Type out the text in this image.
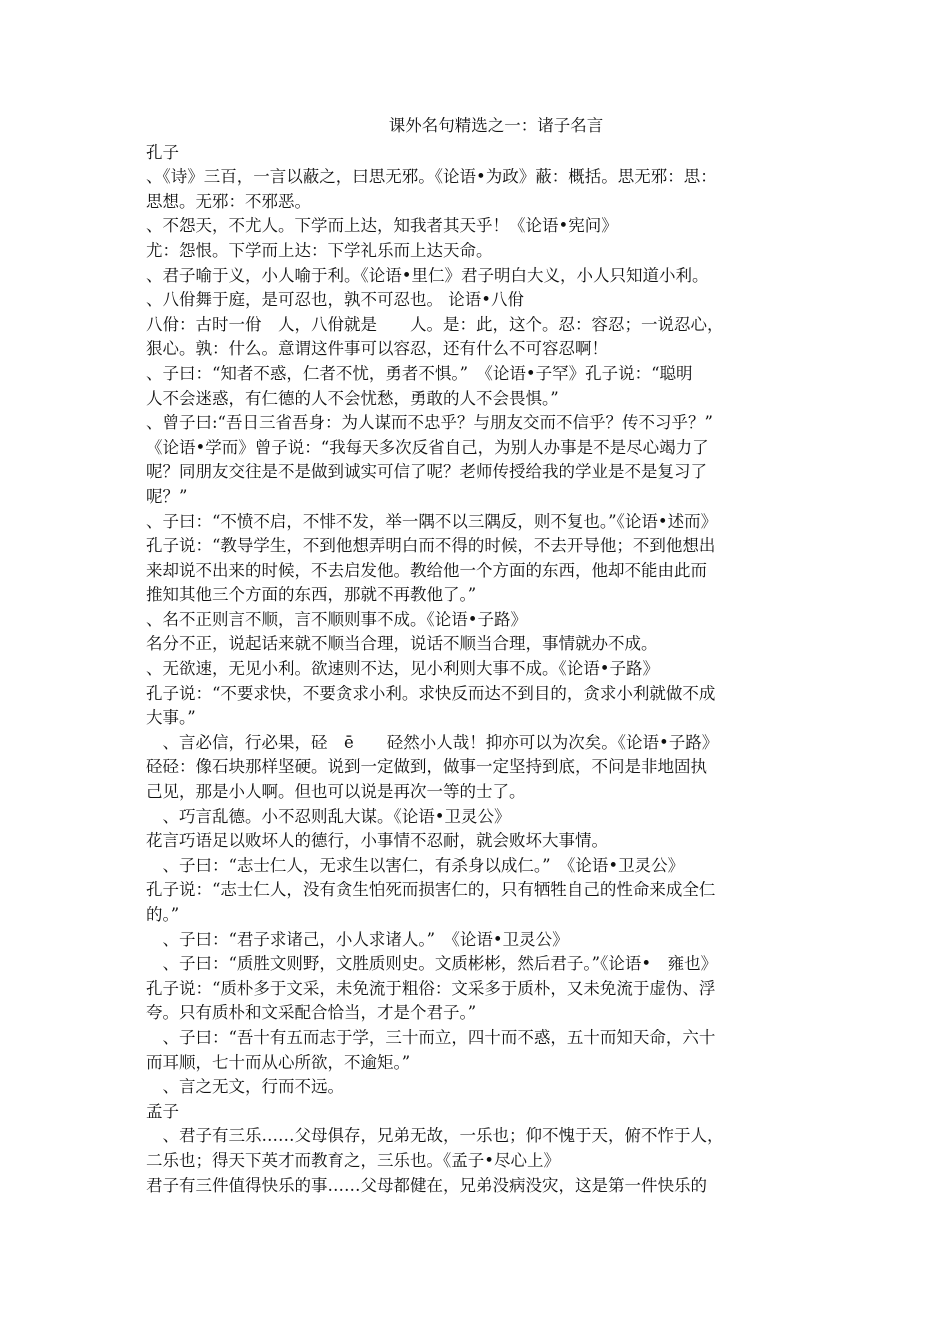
课外名句精选之一：诸子名言
孔子
、《诗》三百，一言以蔽之，曰思无邪。《论语•为政》蔽：概括。思无邪：思：
思想。无邪：不邪恶。
、不怨天，不尤人。下学而上达，知我者其天乎！《论语•宪问》
尤：怨恨。下学而上达：下学礼乐而上达天命。
、君子喻于义，小人喻于利。《论语•里仁》君子明白大义，小人只知道小利。
、八佾舞于庭，是可忍也，孰不可忍也。 论语•八佾
八佾：古时一佾　人，八佾就是　　人。是：此，这个。忍：容忍；一说忍心，
狠心。孰：什么。意谓这件事可以容忍，还有什么不可容忍啊！
、子曰：“知者不惑，仁者不忧，勇者不惧。”　《论语•子罕》孔子说：“聪明
人不会迷惑，有仁德的人不会忧愁，勇敢的人不会畏惧。”
、曾子曰:“吾日三省吾身：为人谋而不忠乎？与朋友交而不信乎？传不习乎？”
《论语•学而》曾子说：“我每天多次反省自己，为别人办事是不是尽心竭力了
呢？同朋友交往是不是做到诚实可信了呢？老师传授给我的学业是不是复习了
呢？”
、子曰：“不愤不启，不悱不发，举一隅不以三隅反，则不复也。”《论语•述而》
孔子说：“教导学生，不到他想弄明白而不得的时候，不去开导他；不到他想出
来却说不出来的时候，不去启发他。教给他一个方面的东西，他却不能由此而
推知其他三个方面的东西，那就不再教他了。”
、名不正则言不顺，言不顺则事不成。《论语•子路》
名分不正，说起话来就不顺当合理，说话不顺当合理，事情就办不成。
、无欲速，无见小利。欲速则不达，见小利则大事不成。《论语•子路》
孔子说：“不要求快，不要贪求小利。求快反而达不到目的，贪求小利就做不成
大事。”
　、言必信，行必果，硁　ē　　硁然小人哉！抑亦可以为次矣。《论语•子路》
硁硁：像石块那样坚硬。说到一定做到，做事一定坚持到底，不问是非地固执
己见，那是小人啊。但也可以说是再次一等的士了。
　、巧言乱德。小不忍则乱大谋。《论语•卫灵公》
花言巧语足以败坏人的德行，小事情不忍耐，就会败坏大事情。
　、子曰：“志士仁人，无求生以害仁，有杀身以成仁。”　《论语•卫灵公》
孔子说：“志士仁人，没有贪生怕死而损害仁的，只有牺牲自己的性命来成全仁
的。”
　、子曰：“君子求诸己，小人求诸人。”　《论语•卫灵公》
　、子曰：“质胜文则野，文胜质则史。文质彬彬，然后君子。”《论语•　雍也》
孔子说：“质朴多于文采，未免流于粗俗：文采多于质朴，又未免流于虚伪、浮
夸。只有质朴和文采配合恰当，才是个君子。”
　、子曰：“吾十有五而志于学，三十而立，四十而不惑，五十而知天命，六十
而耳顺，七十而从心所欲，不逾矩。”
　、言之无文，行而不远。
孟子
　、君子有三乐……父母俱存，兄弟无故，一乐也；仰不愧于天，俯不怍于人，
二乐也；得天下英才而教育之，三乐也。《孟子•尽心上》
君子有三件值得快乐的事……父母都健在，兄弟没病没灾，这是第一件快乐的
